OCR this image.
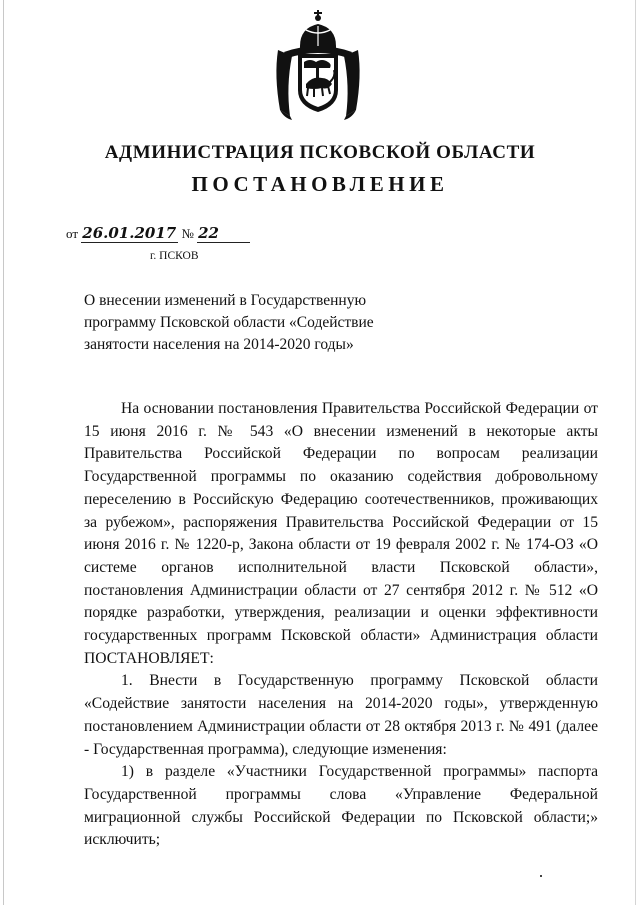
АДМИНИСТРАЦИЯ ПСКОВСКОЙ ОБЛАСТИ
ПОСТАНОВЛЕНИЕ
от 26.01.2017 № 22
г. ПСКОВ
О внесении изменений в Государственную
программу Псковской области «Содействие
занятости населения на 2014-2020 годы»

На основании постановления Правительства Российской Федерации от 15 июня 2016 г. № 543 «О внесении изменений в некоторые акты Правительства Российской Федерации по вопросам реализации Государственной программы по оказанию содействия добровольному переселению в Российскую Федерацию соотечественников, проживающих за рубежом», распоряжения Правительства Российской Федерации от 15 июня 2016 г. № 1220-р, Закона области от 19 февраля 2002 г. № 174-ОЗ «О системе органов исполнительной власти Псковской области», постановления Администрации области от 27 сентября 2012 г. № 512 «О порядке разработки, утверждения, реализации и оценки эффективности государственных программ Псковской области» Администрация области ПОСТАНОВЛЯЕТ:

1. Внести в Государственную программу Псковской области «Содействие занятости населения на 2014-2020 годы», утвержденную постановлением Администрации области от 28 октября 2013 г. № 491 (далее - Государственная программа), следующие изменения:

1) в разделе «Участники Государственной программы» паспорта Государственной программы слова «Управление Федеральной миграционной службы Российской Федерации по Псковской области;» исключить;
